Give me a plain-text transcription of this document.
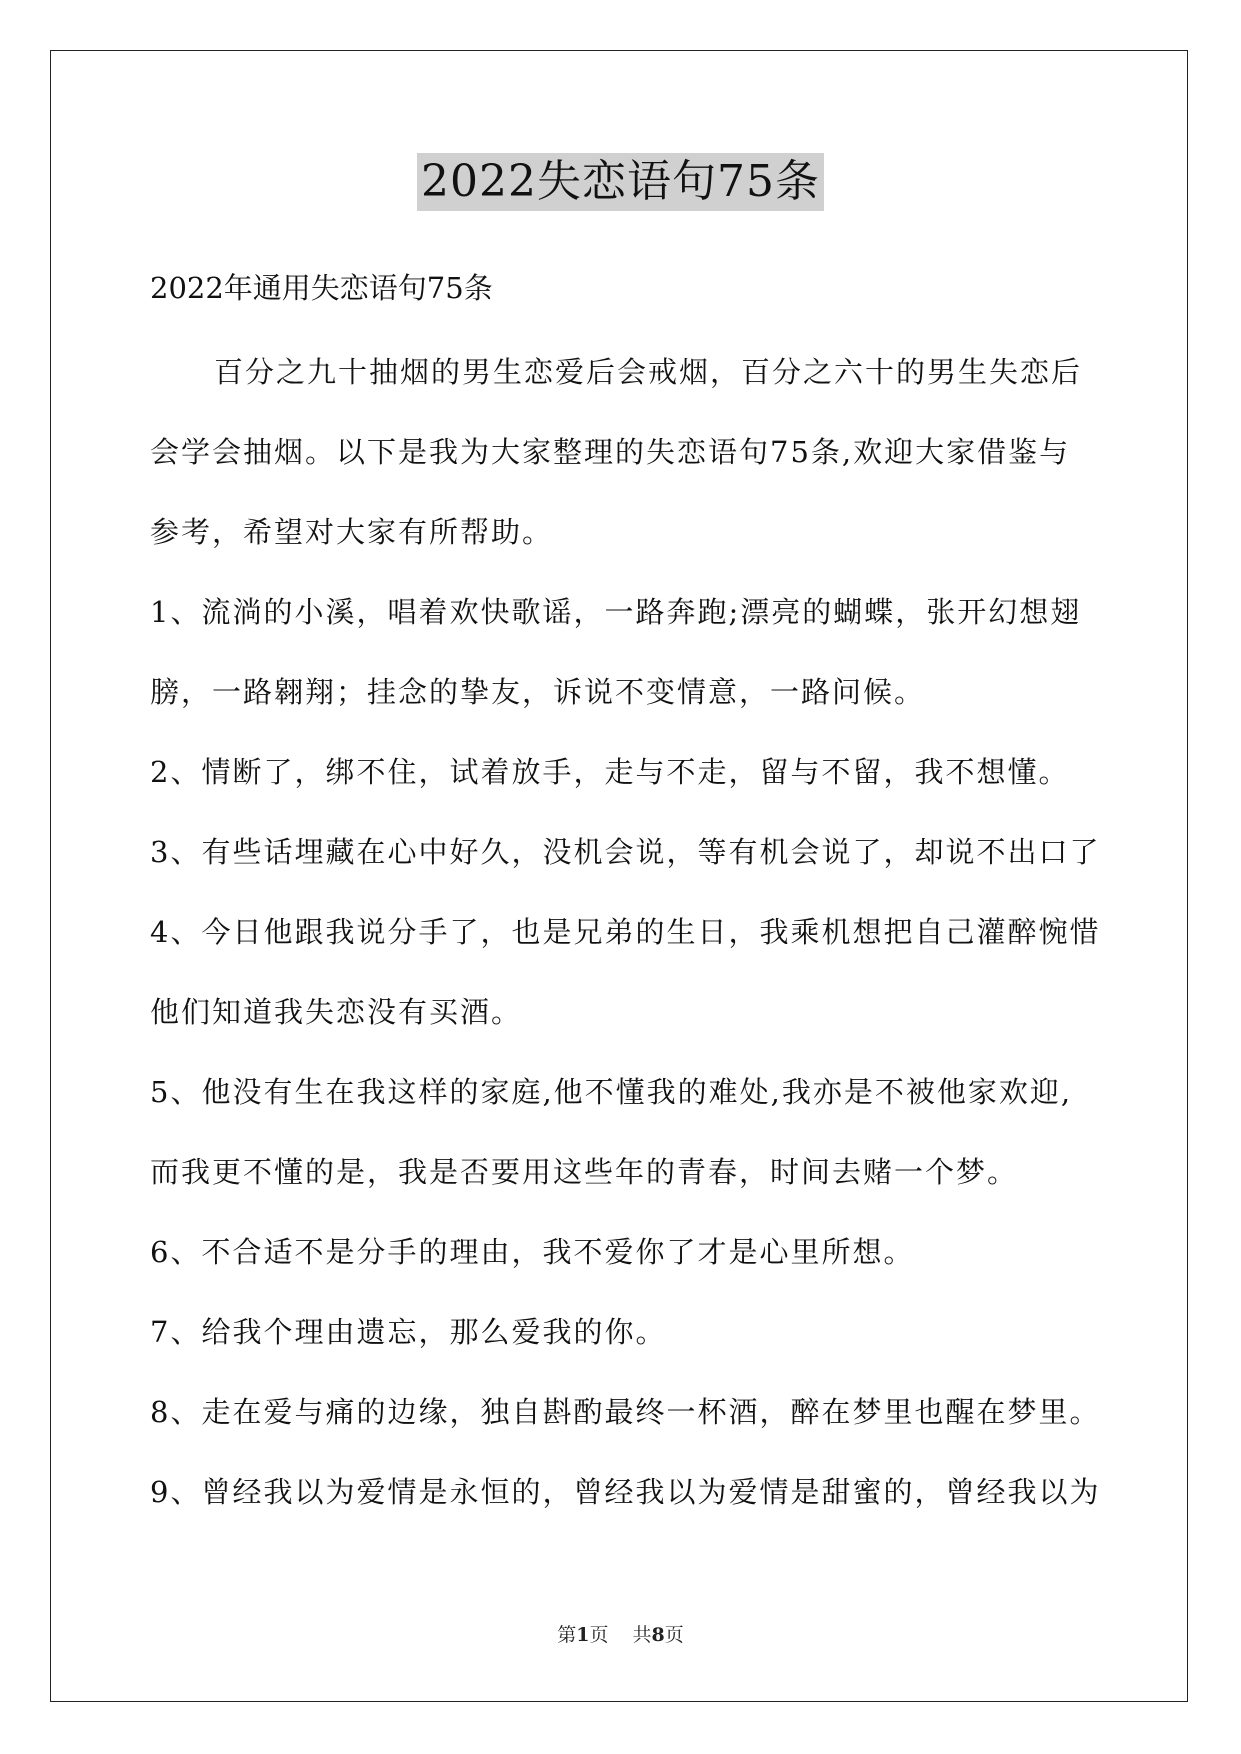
2022失恋语句75条
2022年通用失恋语句75条
百分之九十抽烟的男生恋爱后会戒烟，百分之六十的男生失恋后
会学会抽烟。以下是我为大家整理的失恋语句75条,欢迎大家借鉴与
参考，希望对大家有所帮助。
1、流淌的小溪，唱着欢快歌谣，一路奔跑;漂亮的蝴蝶，张开幻想翅
膀，一路翱翔；挂念的挚友，诉说不变情意，一路问候。
2、情断了，绑不住，试着放手，走与不走，留与不留，我不想懂。
3、有些话埋藏在心中好久，没机会说，等有机会说了，却说不出口了
4、今日他跟我说分手了，也是兄弟的生日，我乘机想把自己灌醉惋惜
他们知道我失恋没有买酒。
5、他没有生在我这样的家庭,他不懂我的难处,我亦是不被他家欢迎,
而我更不懂的是，我是否要用这些年的青春，时间去赌一个梦。
6、不合适不是分手的理由，我不爱你了才是心里所想。
7、给我个理由遗忘，那么爱我的你。
8、走在爱与痛的边缘，独自斟酌最终一杯酒，醉在梦里也醒在梦里。
9、曾经我以为爱情是永恒的，曾经我以为爱情是甜蜜的，曾经我以为
第1页 共8页
